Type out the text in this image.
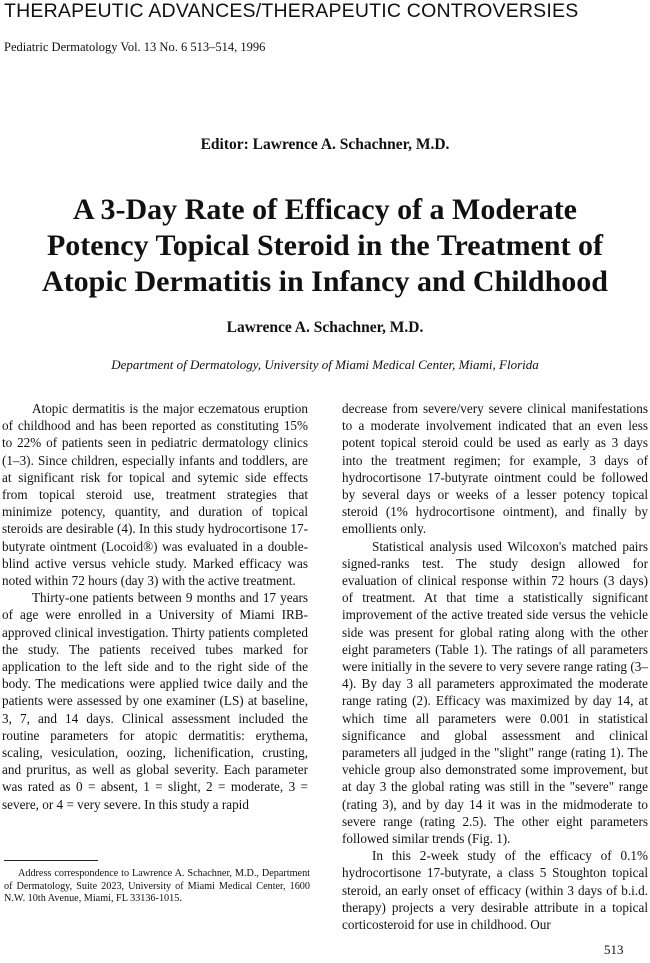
THERAPEUTIC ADVANCES/THERAPEUTIC CONTROVERSIES
Pediatric Dermatology Vol. 13 No. 6 513–514, 1996
Editor: Lawrence A. Schachner, M.D.
A 3-Day Rate of Efficacy of a Moderate
Potency Topical Steroid in the Treatment of
Atopic Dermatitis in Infancy and Childhood
Lawrence A. Schachner, M.D.
Department of Dermatology, University of Miami Medical Center, Miami, Florida

Atopic dermatitis is the major eczematous eruption of childhood and has been reported as constituting 15% to 22% of patients seen in pediatric dermatology clinics (1–3). Since children, especially infants and toddlers, are at significant risk for topical and sytemic side effects from topical steroid use, treatment strategies that minimize potency, quantity, and duration of topical steroids are desirable (4). In this study hydrocortisone 17-butyrate ointment (Locoid®) was evaluated in a double-blind active versus vehicle study. Marked efficacy was noted within 72 hours (day 3) with the active treatment.

Thirty-one patients between 9 months and 17 years of age were enrolled in a University of Miami IRB-approved clinical investigation. Thirty patients completed the study. The patients received tubes marked for application to the left side and to the right side of the body. The medications were applied twice daily and the patients were assessed by one examiner (LS) at baseline, 3, 7, and 14 days. Clinical assessment included the routine parameters for atopic dermatitis: erythema, scaling, vesiculation, oozing, lichenification, crusting, and pruritus, as well as global severity. Each parameter was rated as 0 = absent, 1 = slight, 2 = moderate, 3 = severe, or 4 = very severe. In this study a rapid

decrease from severe/very severe clinical manifestations to a moderate involvement indicated that an even less potent topical steroid could be used as early as 3 days into the treatment regimen; for example, 3 days of hydrocortisone 17-butyrate ointment could be followed by several days or weeks of a lesser potency topical steroid (1% hydrocortisone ointment), and finally by emollients only.

Statistical analysis used Wilcoxon's matched pairs signed-ranks test. The study design allowed for evaluation of clinical response within 72 hours (3 days) of treatment. At that time a statistically significant improvement of the active treated side versus the vehicle side was present for global rating along with the other eight parameters (Table 1). The ratings of all parameters were initially in the severe to very severe range rating (3–4). By day 3 all parameters approximated the moderate range rating (2). Efficacy was maximized by day 14, at which time all parameters were 0.001 in statistical significance and global assessment and clinical parameters all judged in the "slight" range (rating 1). The vehicle group also demonstrated some improvement, but at day 3 the global rating was still in the "severe" range (rating 3), and by day 14 it was in the midmoderate to severe range (rating 2.5). The other eight parameters followed similar trends (Fig. 1).

In this 2-week study of the efficacy of 0.1% hydrocortisone 17-butyrate, a class 5 Stoughton topical steroid, an early onset of efficacy (within 3 days of b.i.d. therapy) projects a very desirable attribute in a topical corticosteroid for use in childhood. Our

Address correspondence to Lawrence A. Schachner, M.D., Department of Dermatology, Suite 2023, University of Miami Medical Center, 1600 N.W. 10th Avenue, Miami, FL 33136-1015.
513
